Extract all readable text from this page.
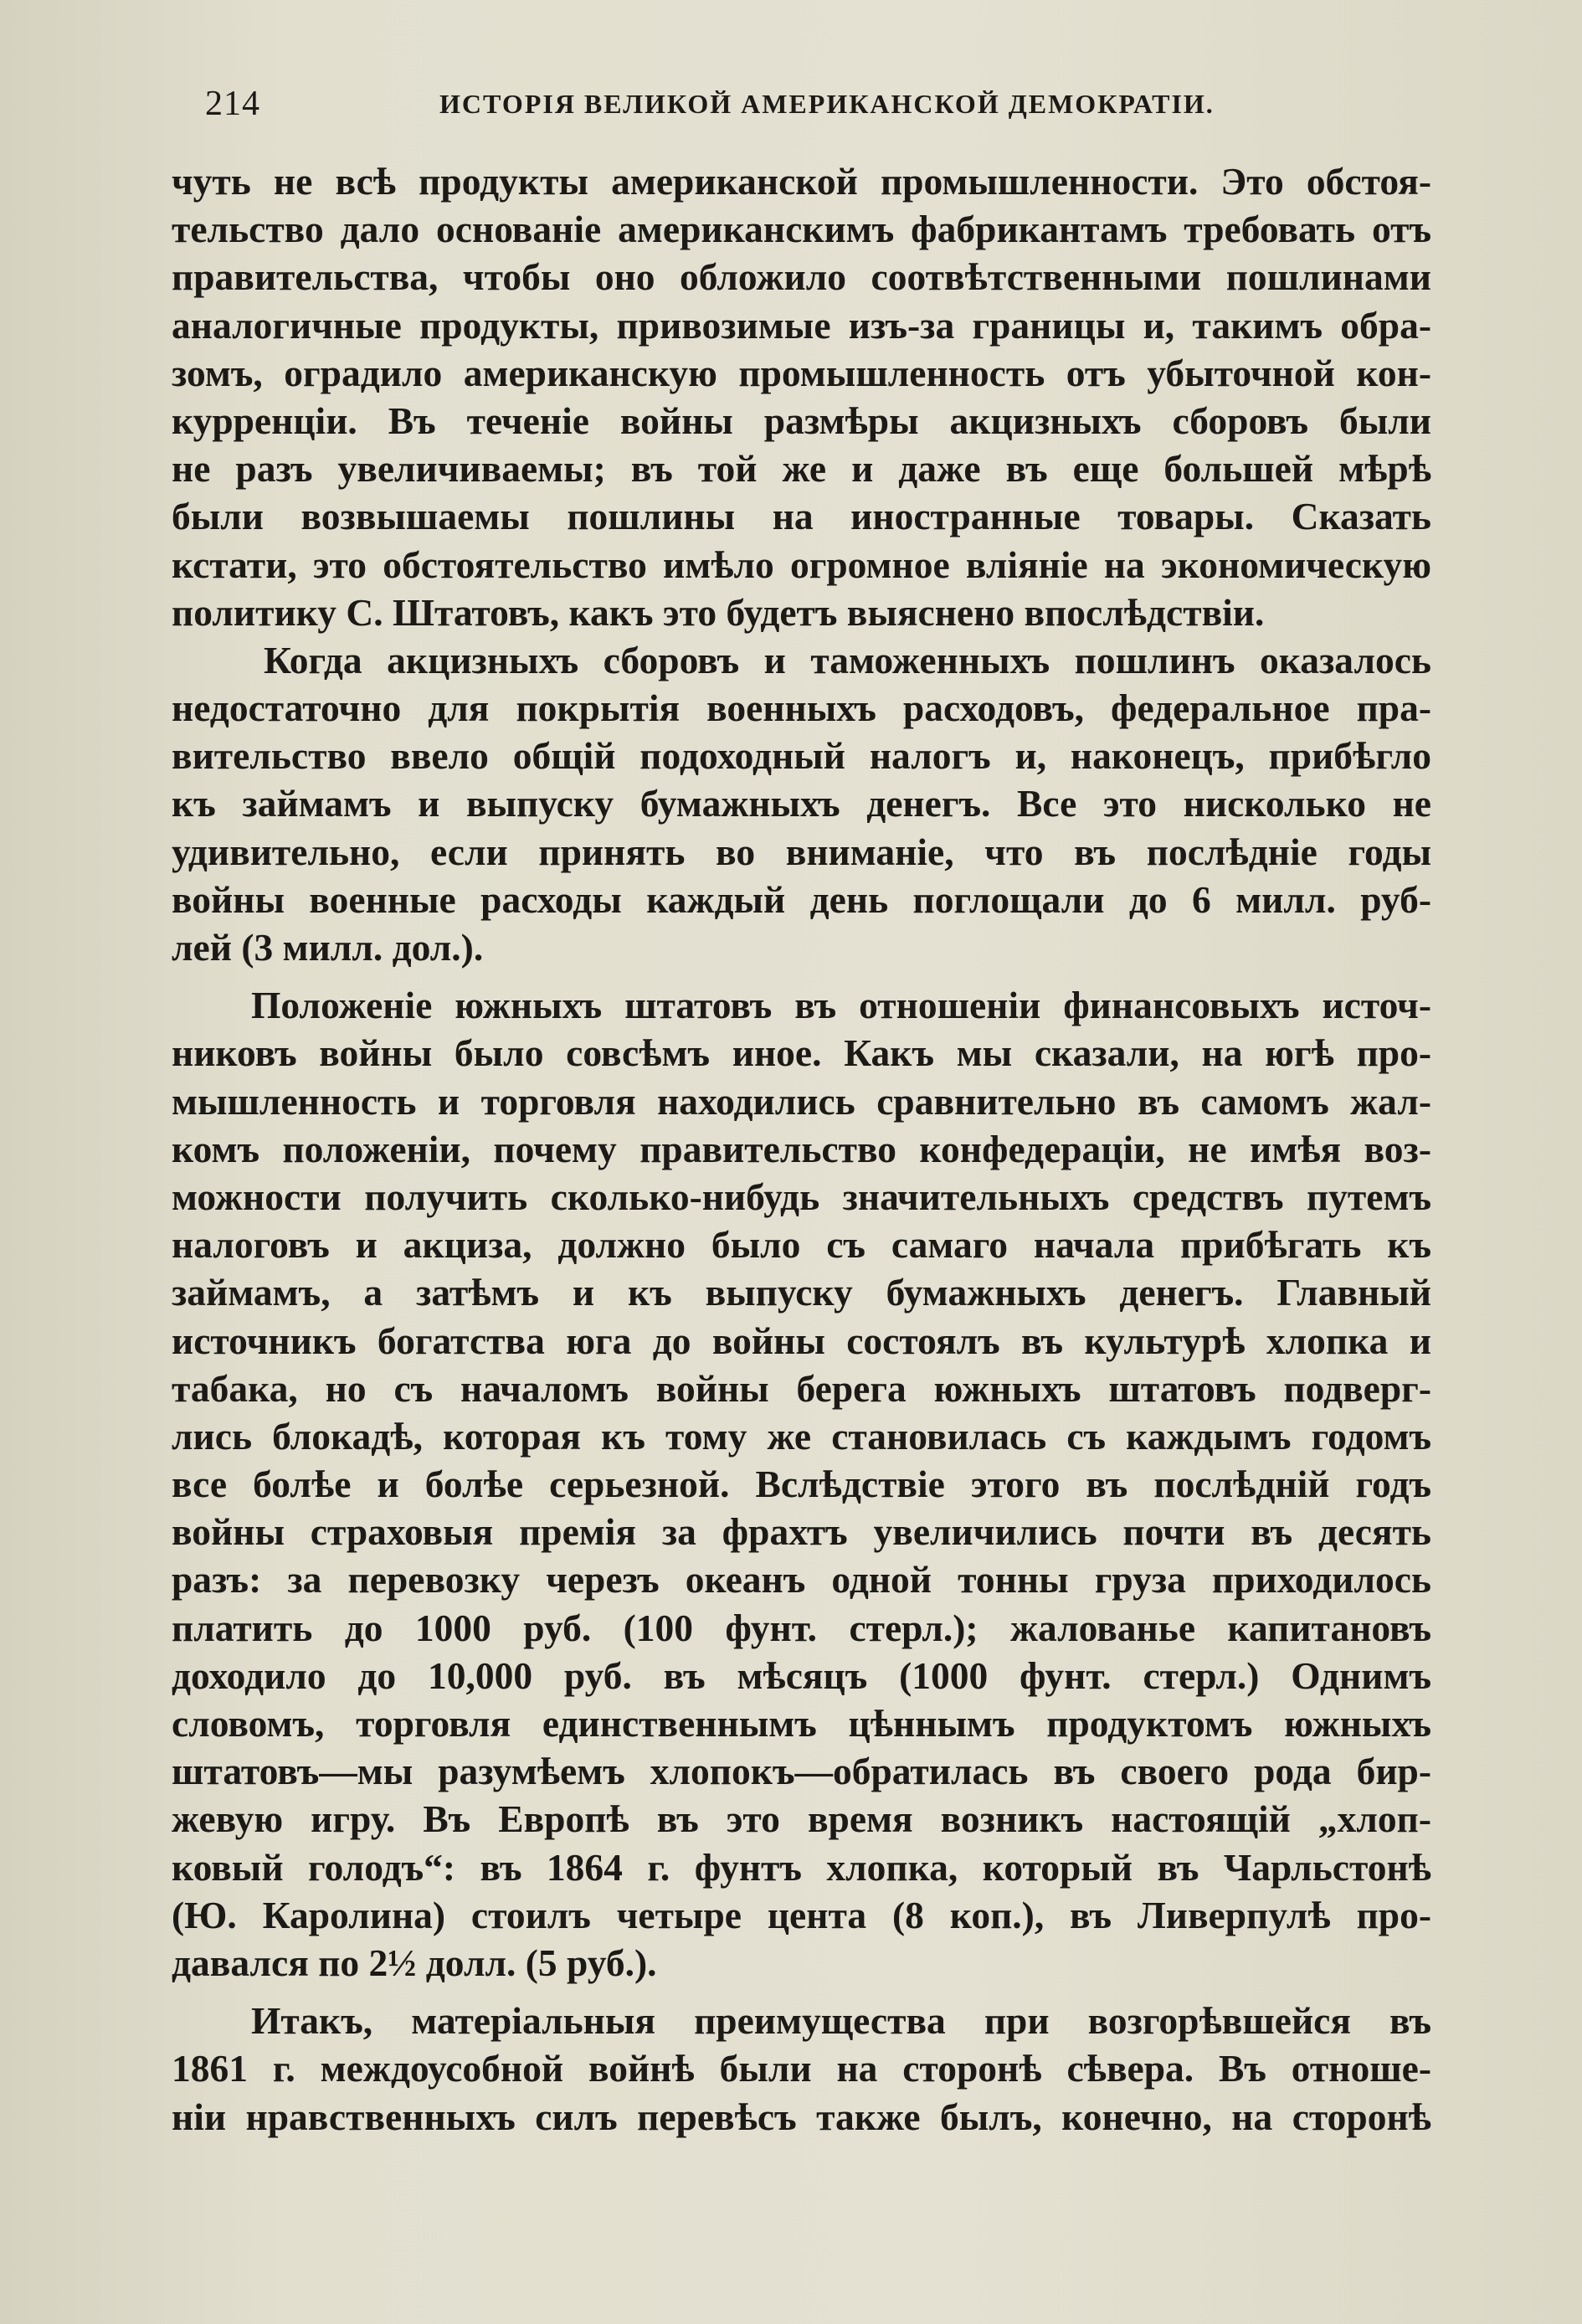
214	ИСТОРІЯ ВЕЛИКОЙ АМЕРИКАНСКОЙ ДЕМОКРАТІИ.
чуть не всѣ продукты американской промышленности. Это обстоя-
тельство дало основаніе американскимъ фабрикантамъ требовать отъ
правительства, чтобы оно обложило соотвѣтственными пошлинами
аналогичные продукты, привозимые изъ-за границы и, такимъ обра-
зомъ, оградило американскую промышленность отъ убыточной кон-
курренціи. Въ теченіе войны размѣры акцизныхъ сборовъ были
не разъ увеличиваемы; въ той же и даже въ еще большей мѣрѣ
были возвышаемы пошлины на иностранные товары. Сказать
кстати, это обстоятельство имѣло огромное вліяніе на экономическую
политику С. Штатовъ, какъ это будетъ выяснено впослѣдствіи.
Когда акцизныхъ сборовъ и таможенныхъ пошлинъ оказалось
недостаточно для покрытія военныхъ расходовъ, федеральное пра-
вительство ввело общій подоходный налогъ и, наконецъ, прибѣгло
къ займамъ и выпуску бумажныхъ денегъ. Все это нисколько не
удивительно, если принять во вниманіе, что въ послѣдніе годы
войны военные расходы каждый день поглощали до 6 милл. руб-
лей (3 милл. дол.).
Положеніе южныхъ штатовъ въ отношеніи финансовыхъ источ-
никовъ войны было совсѣмъ иное. Какъ мы сказали, на югѣ про-
мышленность и торговля находились сравнительно въ самомъ жал-
комъ положеніи, почему правительство конфедераціи, не имѣя воз-
можности получить сколько-нибудь значительныхъ средствъ путемъ
налоговъ и акциза, должно было съ самаго начала прибѣгать къ
займамъ, а затѣмъ и къ выпуску бумажныхъ денегъ. Главный
источникъ богатства юга до войны состоялъ въ культурѣ хлопка и
табака, но съ началомъ войны берега южныхъ штатовъ подверг-
лись блокадѣ, которая къ тому же становилась съ каждымъ годомъ
все болѣе и болѣе серьезной. Вслѣдствіе этого въ послѣдній годъ
войны страховыя премія за фрахтъ увеличились почти въ десять
разъ: за перевозку черезъ океанъ одной тонны груза приходилось
платить до 1000 руб. (100 фунт. стерл.); жалованье капитановъ
доходило до 10,000 руб. въ мѣсяцъ (1000 фунт. стерл.) Однимъ
словомъ, торговля единственнымъ цѣннымъ продуктомъ южныхъ
штатовъ—мы разумѣемъ хлопокъ—обратилась въ своего рода бир-
жевую игру. Въ Европѣ въ это время возникъ настоящій „хлоп-
ковый голодъ“: въ 1864 г. фунтъ хлопка, который въ Чарльстонѣ
(Ю. Каролина) стоилъ четыре цента (8 коп.), въ Ливерпулѣ про-
давался по 2½ долл. (5 руб.).
Итакъ, матеріальныя преимущества при возгорѣвшейся въ
1861 г. междоусобной войнѣ были на сторонѣ сѣвера. Въ отноше-
ніи нравственныхъ силъ перевѣсъ также былъ, конечно, на сторонѣ
